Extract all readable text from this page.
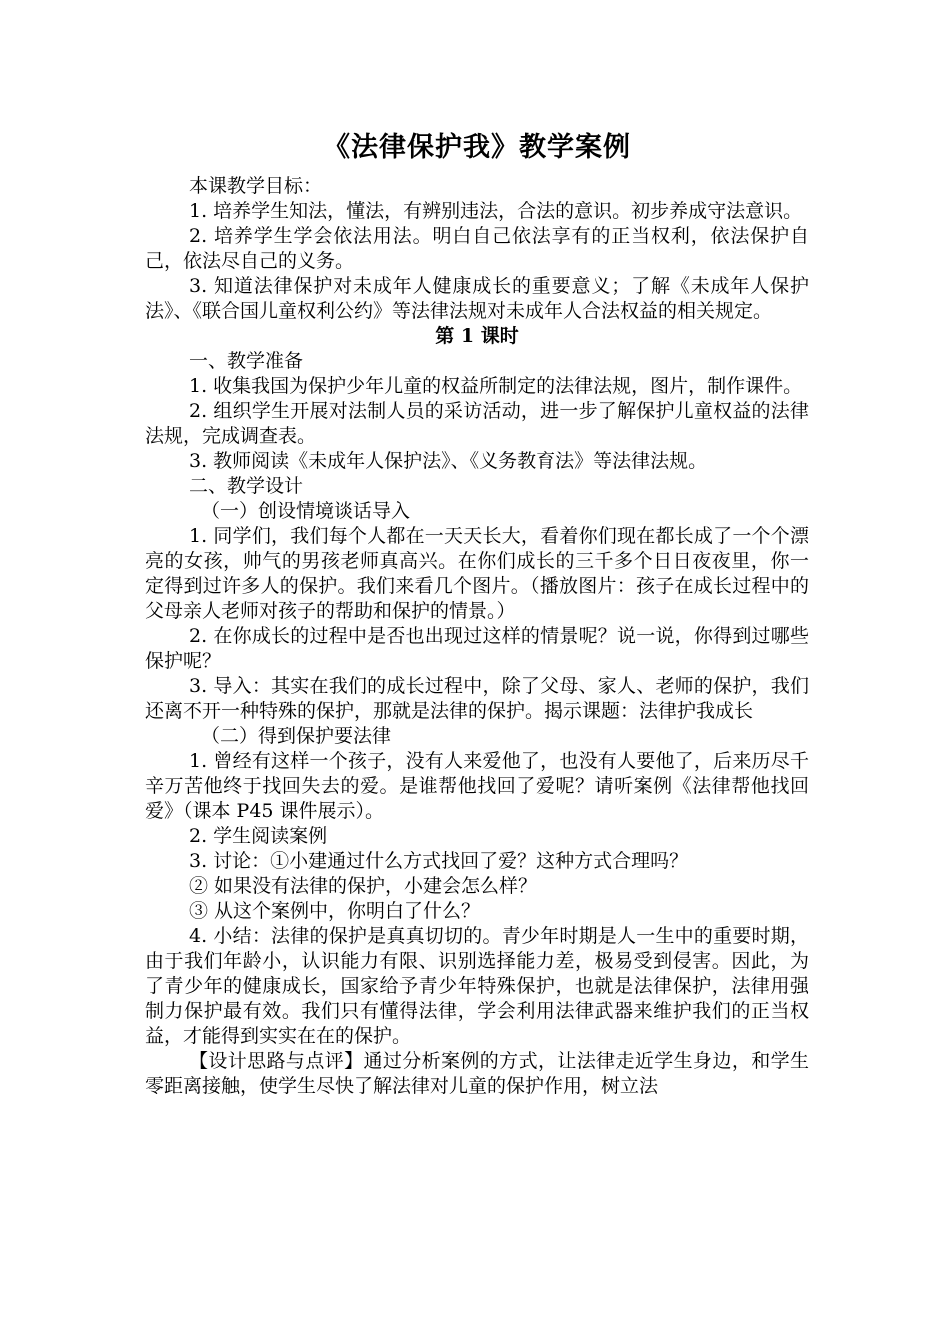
《法律保护我》教学案例

本课教学目标：

1. 培养学生知法，懂法，有辨别违法，合法的意识。初步养成守法意识。

2. 培养学生学会依法用法。明白自己依法享有的正当权利，依法保护自己，依法尽自己的义务。

3. 知道法律保护对未成年人健康成长的重要意义；了解《未成年人保护法》、《联合国儿童权利公约》等法律法规对未成年人合法权益的相关规定。

第 1 课时

一、教学准备

1. 收集我国为保护少年儿童的权益所制定的法律法规，图片，制作课件。

2. 组织学生开展对法制人员的采访活动，进一步了解保护儿童权益的法律法规，完成调查表。

3. 教师阅读《未成年人保护法》、《义务教育法》等法律法规。

二、教学设计

（一）创设情境谈话导入

1. 同学们，我们每个人都在一天天长大，看着你们现在都长成了一个个漂亮的女孩，帅气的男孩老师真高兴。在你们成长的三千多个日日夜夜里，你一定得到过许多人的保护。我们来看几个图片。（播放图片：孩子在成长过程中的父母亲人老师对孩子的帮助和保护的情景。）

2. 在你成长的过程中是否也出现过这样的情景呢？说一说，你得到过哪些保护呢？

3. 导入：其实在我们的成长过程中，除了父母、家人、老师的保护，我们还离不开一种特殊的保护，那就是法律的保护。揭示课题：法律护我成长

（二）得到保护要法律

1. 曾经有这样一个孩子，没有人来爱他了，也没有人要他了，后来历尽千辛万苦他终于找回失去的爱。是谁帮他找回了爱呢？请听案例《法律帮他找回爱》（课本 P45 课件展示）。

2. 学生阅读案例

3. 讨论：①小建通过什么方式找回了爱？这种方式合理吗？

② 如果没有法律的保护，小建会怎么样？

③ 从这个案例中，你明白了什么？

4. 小结：法律的保护是真真切切的。青少年时期是人一生中的重要时期，由于我们年龄小，认识能力有限、识别选择能力差，极易受到侵害。因此，为了青少年的健康成长，国家给予青少年特殊保护，也就是法律保护，法律用强制力保护最有效。我们只有懂得法律，学会利用法律武器来维护我们的正当权益，才能得到实实在在的保护。

【设计思路与点评】通过分析案例的方式，让法律走近学生身边，和学生零距离接触，使学生尽快了解法律对儿童的保护作用，树立法
